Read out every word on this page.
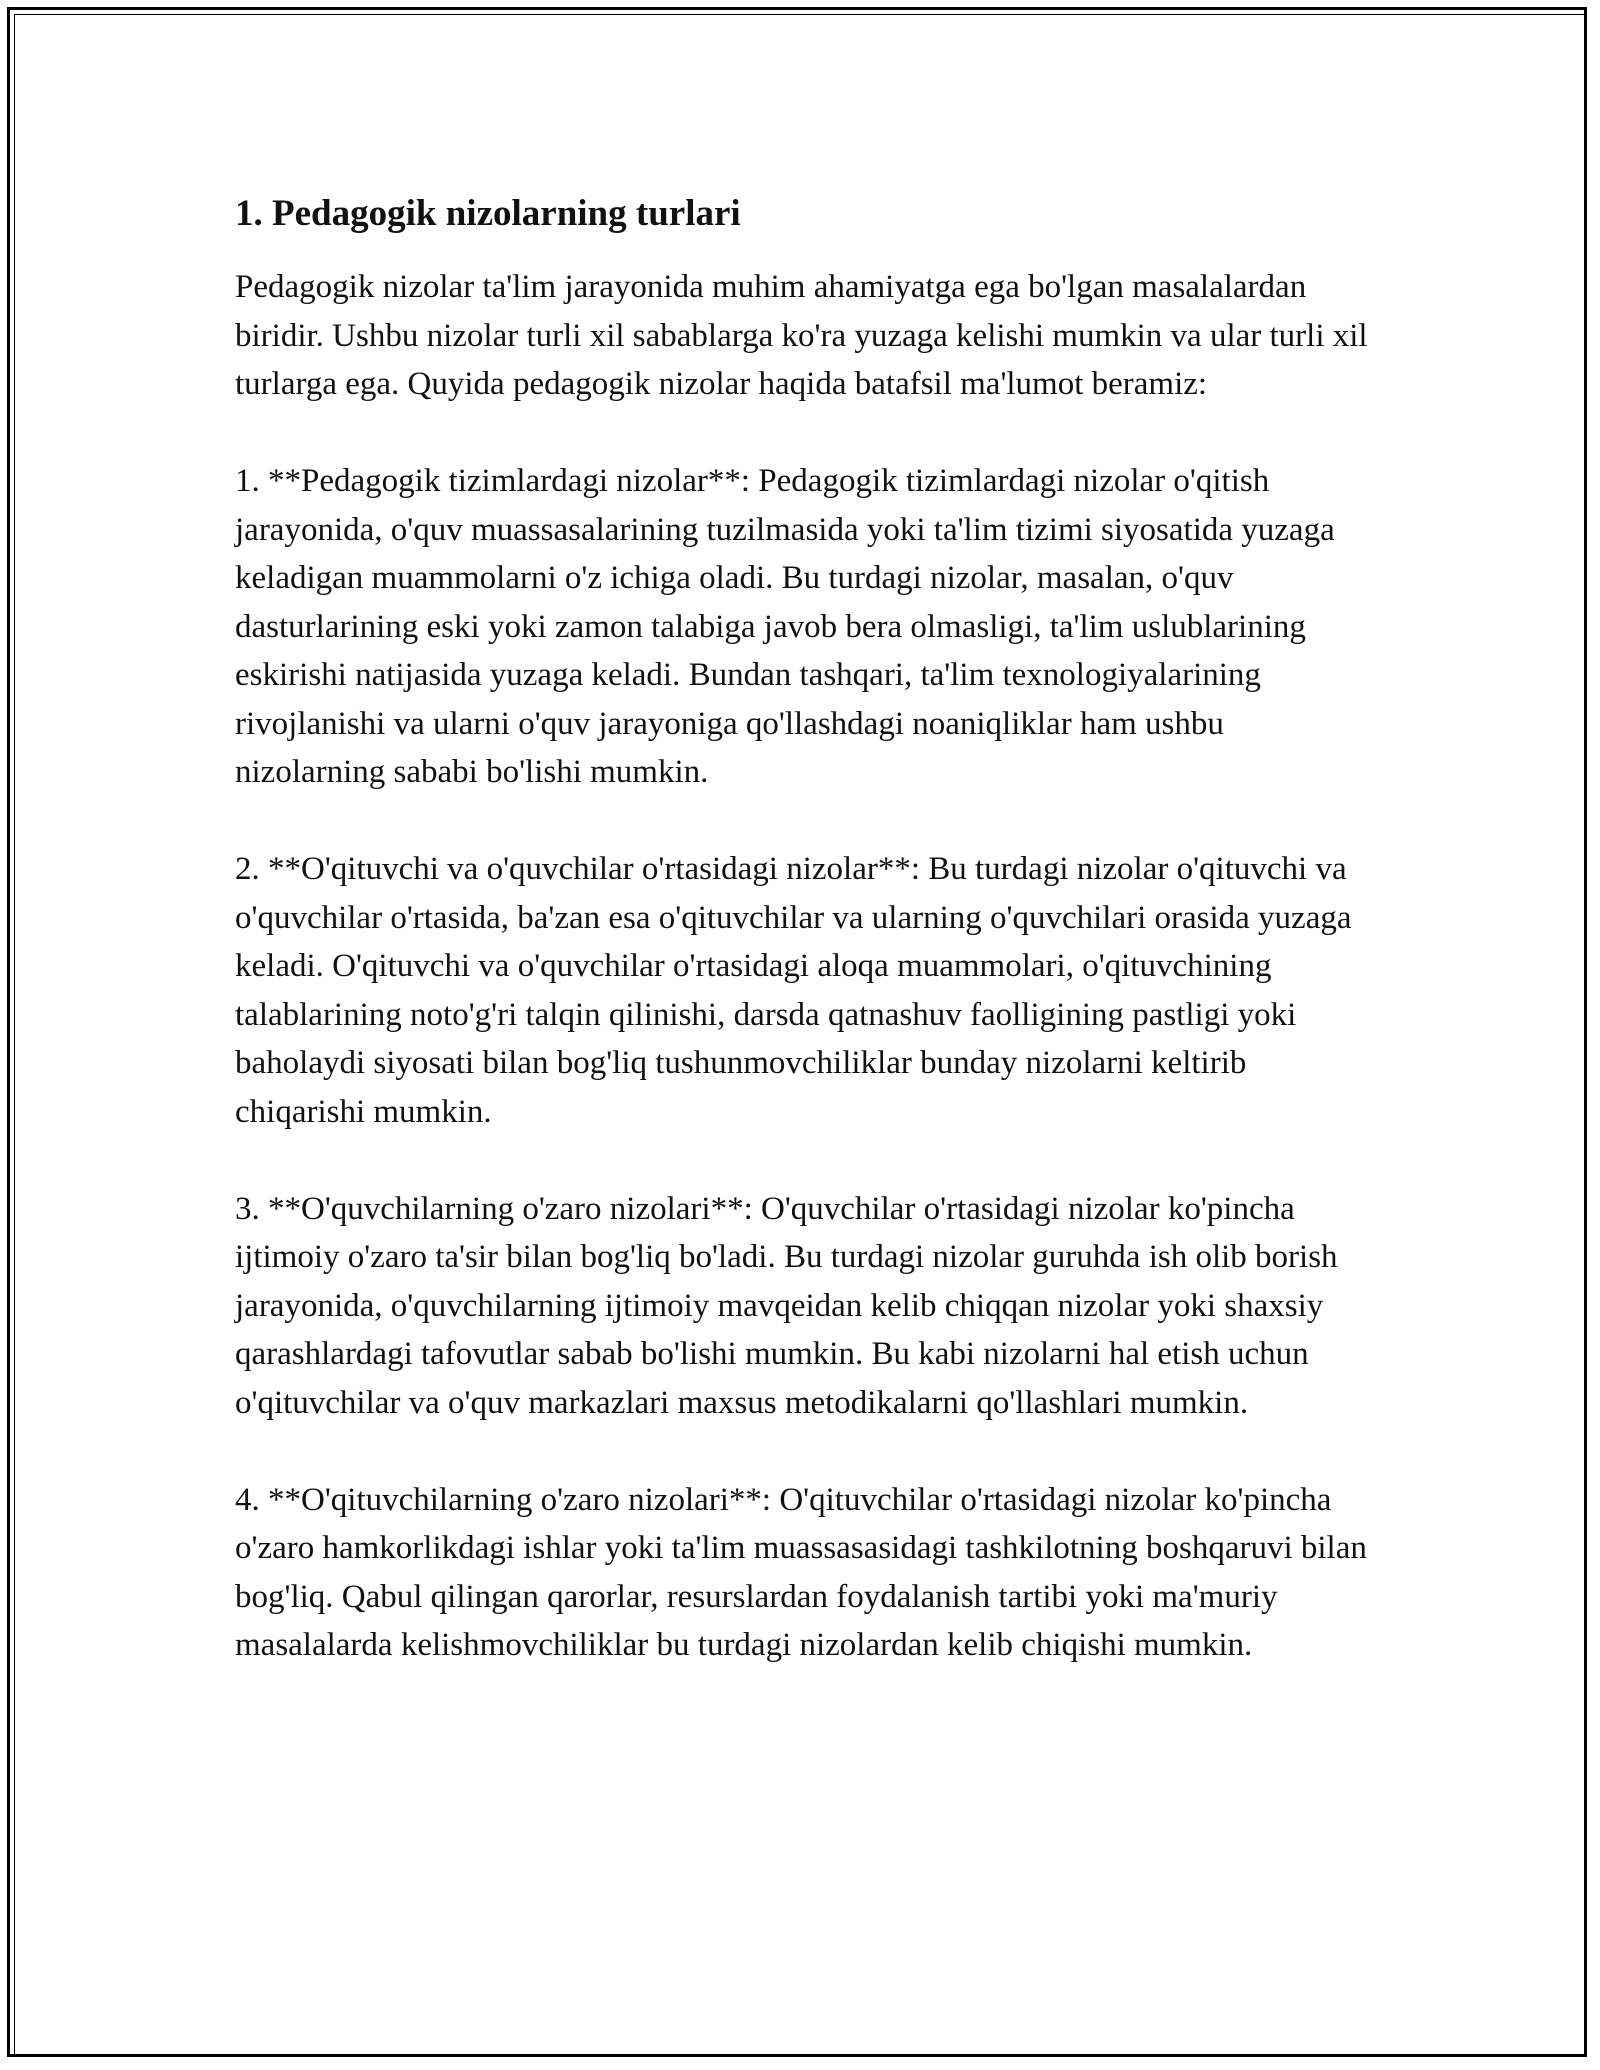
1. Pedagogik nizolarning turlari

Pedagogik nizolar ta'lim jarayonida muhim ahamiyatga ega bo'lgan masalalardan biridir. Ushbu nizolar turli xil sabablarga ko'ra yuzaga kelishi mumkin va ular turli xil turlarga ega. Quyida pedagogik nizolar haqida batafsil ma'lumot beramiz:

1. **Pedagogik tizimlardagi nizolar**: Pedagogik tizimlardagi nizolar o'qitish jarayonida, o'quv muassasalarining tuzilmasida yoki ta'lim tizimi siyosatida yuzaga keladigan muammolarni o'z ichiga oladi. Bu turdagi nizolar, masalan, o'quv dasturlarining eski yoki zamon talabiga javob bera olmasligi, ta'lim uslublarining eskirishi natijasida yuzaga keladi. Bundan tashqari, ta'lim texnologiyalarining rivojlanishi va ularni o'quv jarayoniga qo'llashdagi noaniqliklar ham ushbu nizolarning sababi bo'lishi mumkin.

2. **O'qituvchi va o'quvchilar o'rtasidagi nizolar**: Bu turdagi nizolar o'qituvchi va o'quvchilar o'rtasida, ba'zan esa o'qituvchilar va ularning o'quvchilari orasida yuzaga keladi. O'qituvchi va o'quvchilar o'rtasidagi aloqa muammolari, o'qituvchining talablarining noto'g'ri talqin qilinishi, darsda qatnashuv faolligining pastligi yoki baholaydi siyosati bilan bog'liq tushunmovchiliklar bunday nizolarni keltirib chiqarishi mumkin.

3. **O'quvchilarning o'zaro nizolari**: O'quvchilar o'rtasidagi nizolar ko'pincha ijtimoiy o'zaro ta'sir bilan bog'liq bo'ladi. Bu turdagi nizolar guruhda ish olib borish jarayonida, o'quvchilarning ijtimoiy mavqeidan kelib chiqqan nizolar yoki shaxsiy qarashlardagi tafovutlar sabab bo'lishi mumkin. Bu kabi nizolarni hal etish uchun o'qituvchilar va o'quv markazlari maxsus metodikalarni qo'llashlari mumkin.

4. **O'qituvchilarning o'zaro nizolari**: O'qituvchilar o'rtasidagi nizolar ko'pincha o'zaro hamkorlikdagi ishlar yoki ta'lim muassasasidagi tashkilotning boshqaruvi bilan bog'liq. Qabul qilingan qarorlar, resurslardan foydalanish tartibi yoki ma'muriy masalalarda kelishmovchiliklar bu turdagi nizolardan kelib chiqishi mumkin.
